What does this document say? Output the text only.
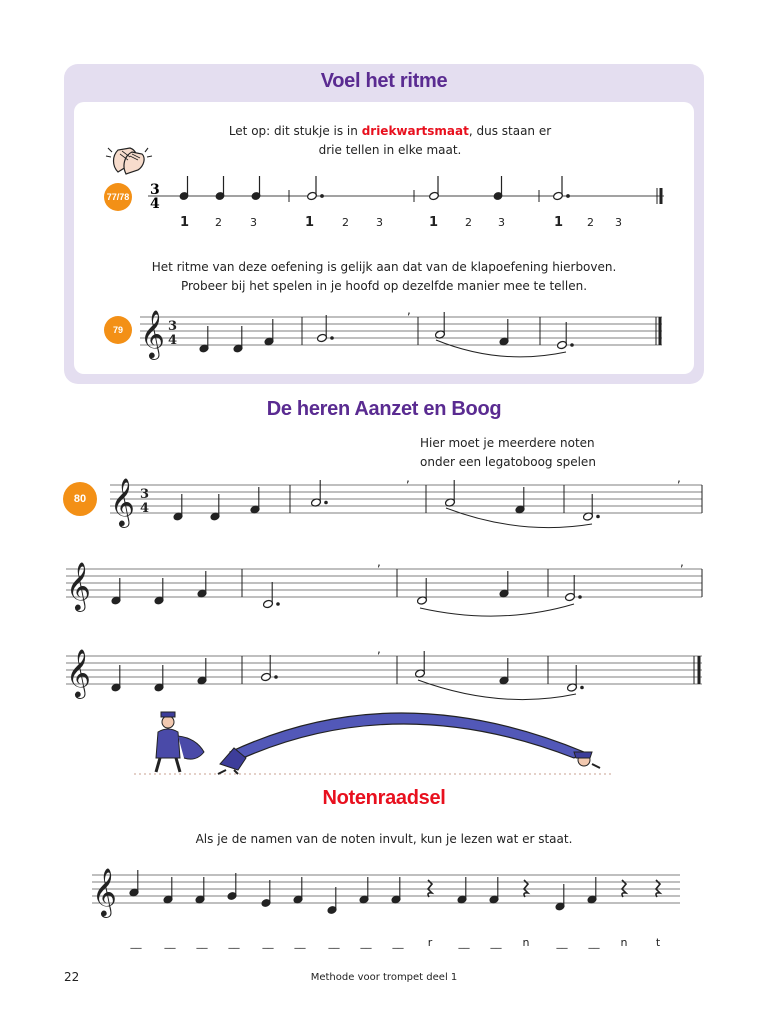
Voel het ritme
Let op: dit stukje is in driekwartsmaat, dus staan er
drie tellen in elke maat.
77/78 3
4
1 2	3	1	2 3	1 2 3	1 2 3
Het ritme van deze oefening is gelijk aan dat van de klapoefening hierboven.
Probeer bij het spelen in je hoofd op dezelfde manier mee te tellen.
79 𝄞 3
4
,
De heren Aanzet en Boog
Hier moet je meerdere noten
onder een legatoboog spelen
80 𝄞 3
4
,	,
𝄞	,	,
𝄞	,
Notenraadsel
Als je de namen van de noten invult, kun je lezen wat er staat.
𝄞
__ __ __ __ __ __ __ __ __ r __ __ n __ __ n	t
22	Methode voor trompet deel 1
